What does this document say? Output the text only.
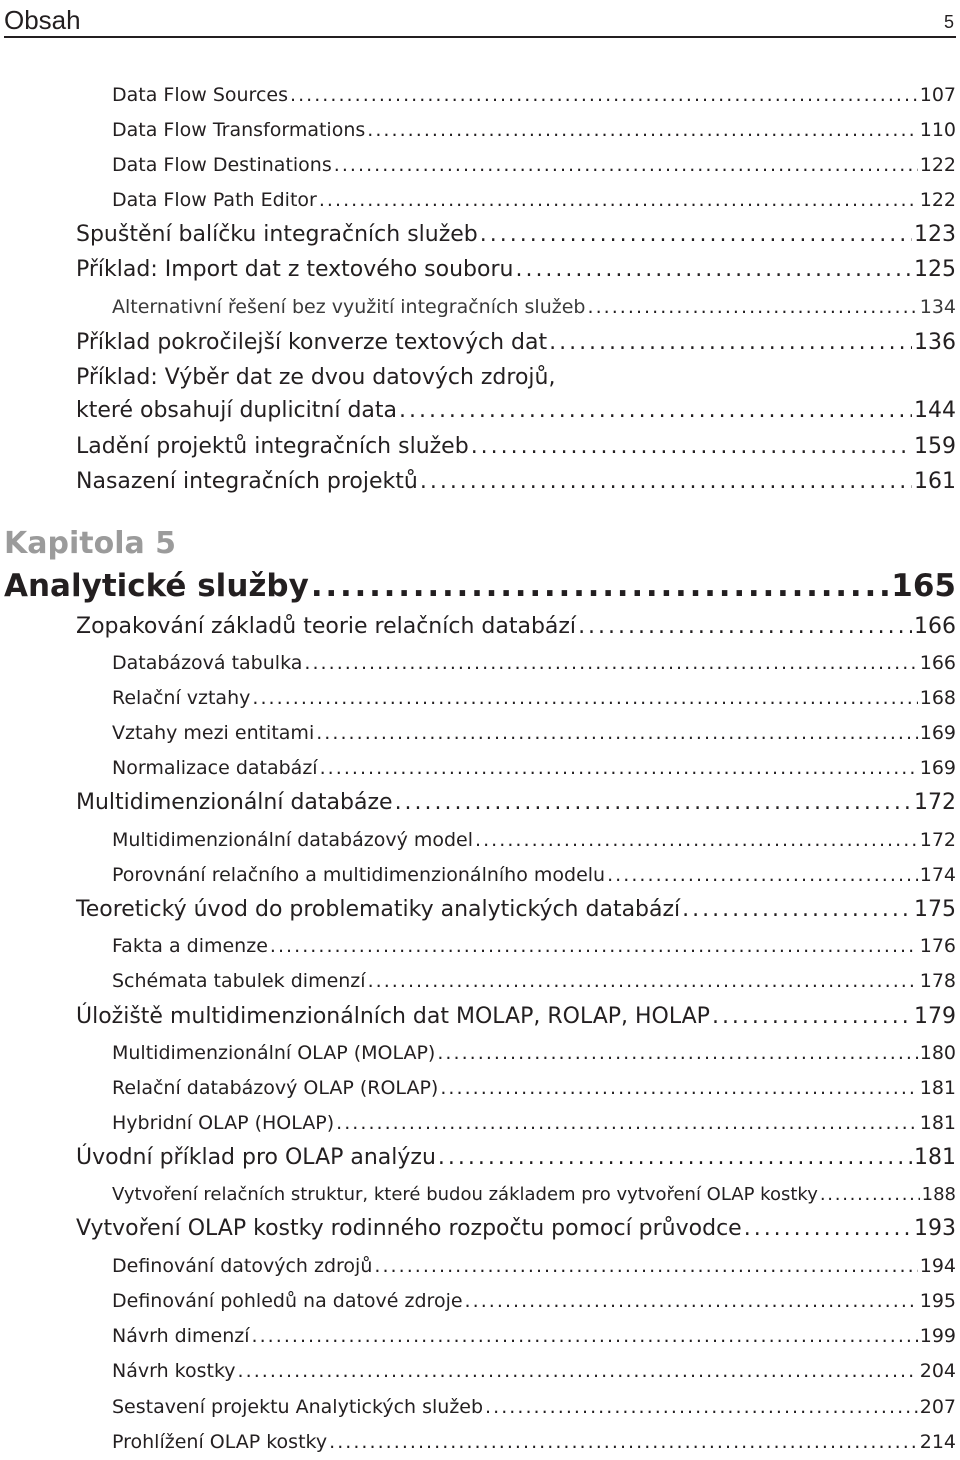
Obsah	5
Data Flow Sources . . .	107
Data Flow Transformations . . .	110
Data Flow Destinations . . .	122
Data Flow Path Editor . . .	122
Spuštění balíčku integračních služeb . . .	123
Příklad: Import dat z textového souboru . . .	125
Alternativní řešení bez využití integračních služeb . . .	134
Příklad pokročilejší konverze textových dat . . .	136
Příklad: Výběr dat ze dvou datových zdrojů,
které obsahují duplicitní data . . .	144
Ladění projektů integračních služeb . . .	159
Nasazení integračních projektů . . .	161
Kapitola 5
Analytické služby . . .	165
Zopakování základů teorie relačních databází . . .	166
Databázová tabulka . . .	166
Relační vztahy . . .	168
Vztahy mezi entitami . . .	169
Normalizace databází . . .	169
Multidimenzionální databáze . . .	172
Multidimenzionální databázový model . . .	172
Porovnání relačního a multidimenzionálního modelu . . .	174
Teoretický úvod do problematiky analytických databází . . .	175
Fakta a dimenze . . .	176
Schémata tabulek dimenzí . . .	178
Úložiště multidimenzionálních dat MOLAP, ROLAP, HOLAP . . .	179
Multidimenzionální OLAP (MOLAP) . . .	180
Relační databázový OLAP (ROLAP) . . .	181
Hybridní OLAP (HOLAP) . . .	181
Úvodní příklad pro OLAP analýzu . . .	181
Vytvoření relačních struktur, které budou základem pro vytvoření OLAP kostky . . .	188
Vytvoření OLAP kostky rodinného rozpočtu pomocí průvodce . . .	193
Definování datových zdrojů . . .	194
Definování pohledů na datové zdroje . . .	195
Návrh dimenzí . . .	199
Návrh kostky . . .	204
Sestavení projektu Analytických služeb . . .	207
Prohlížení OLAP kostky . . .	214
